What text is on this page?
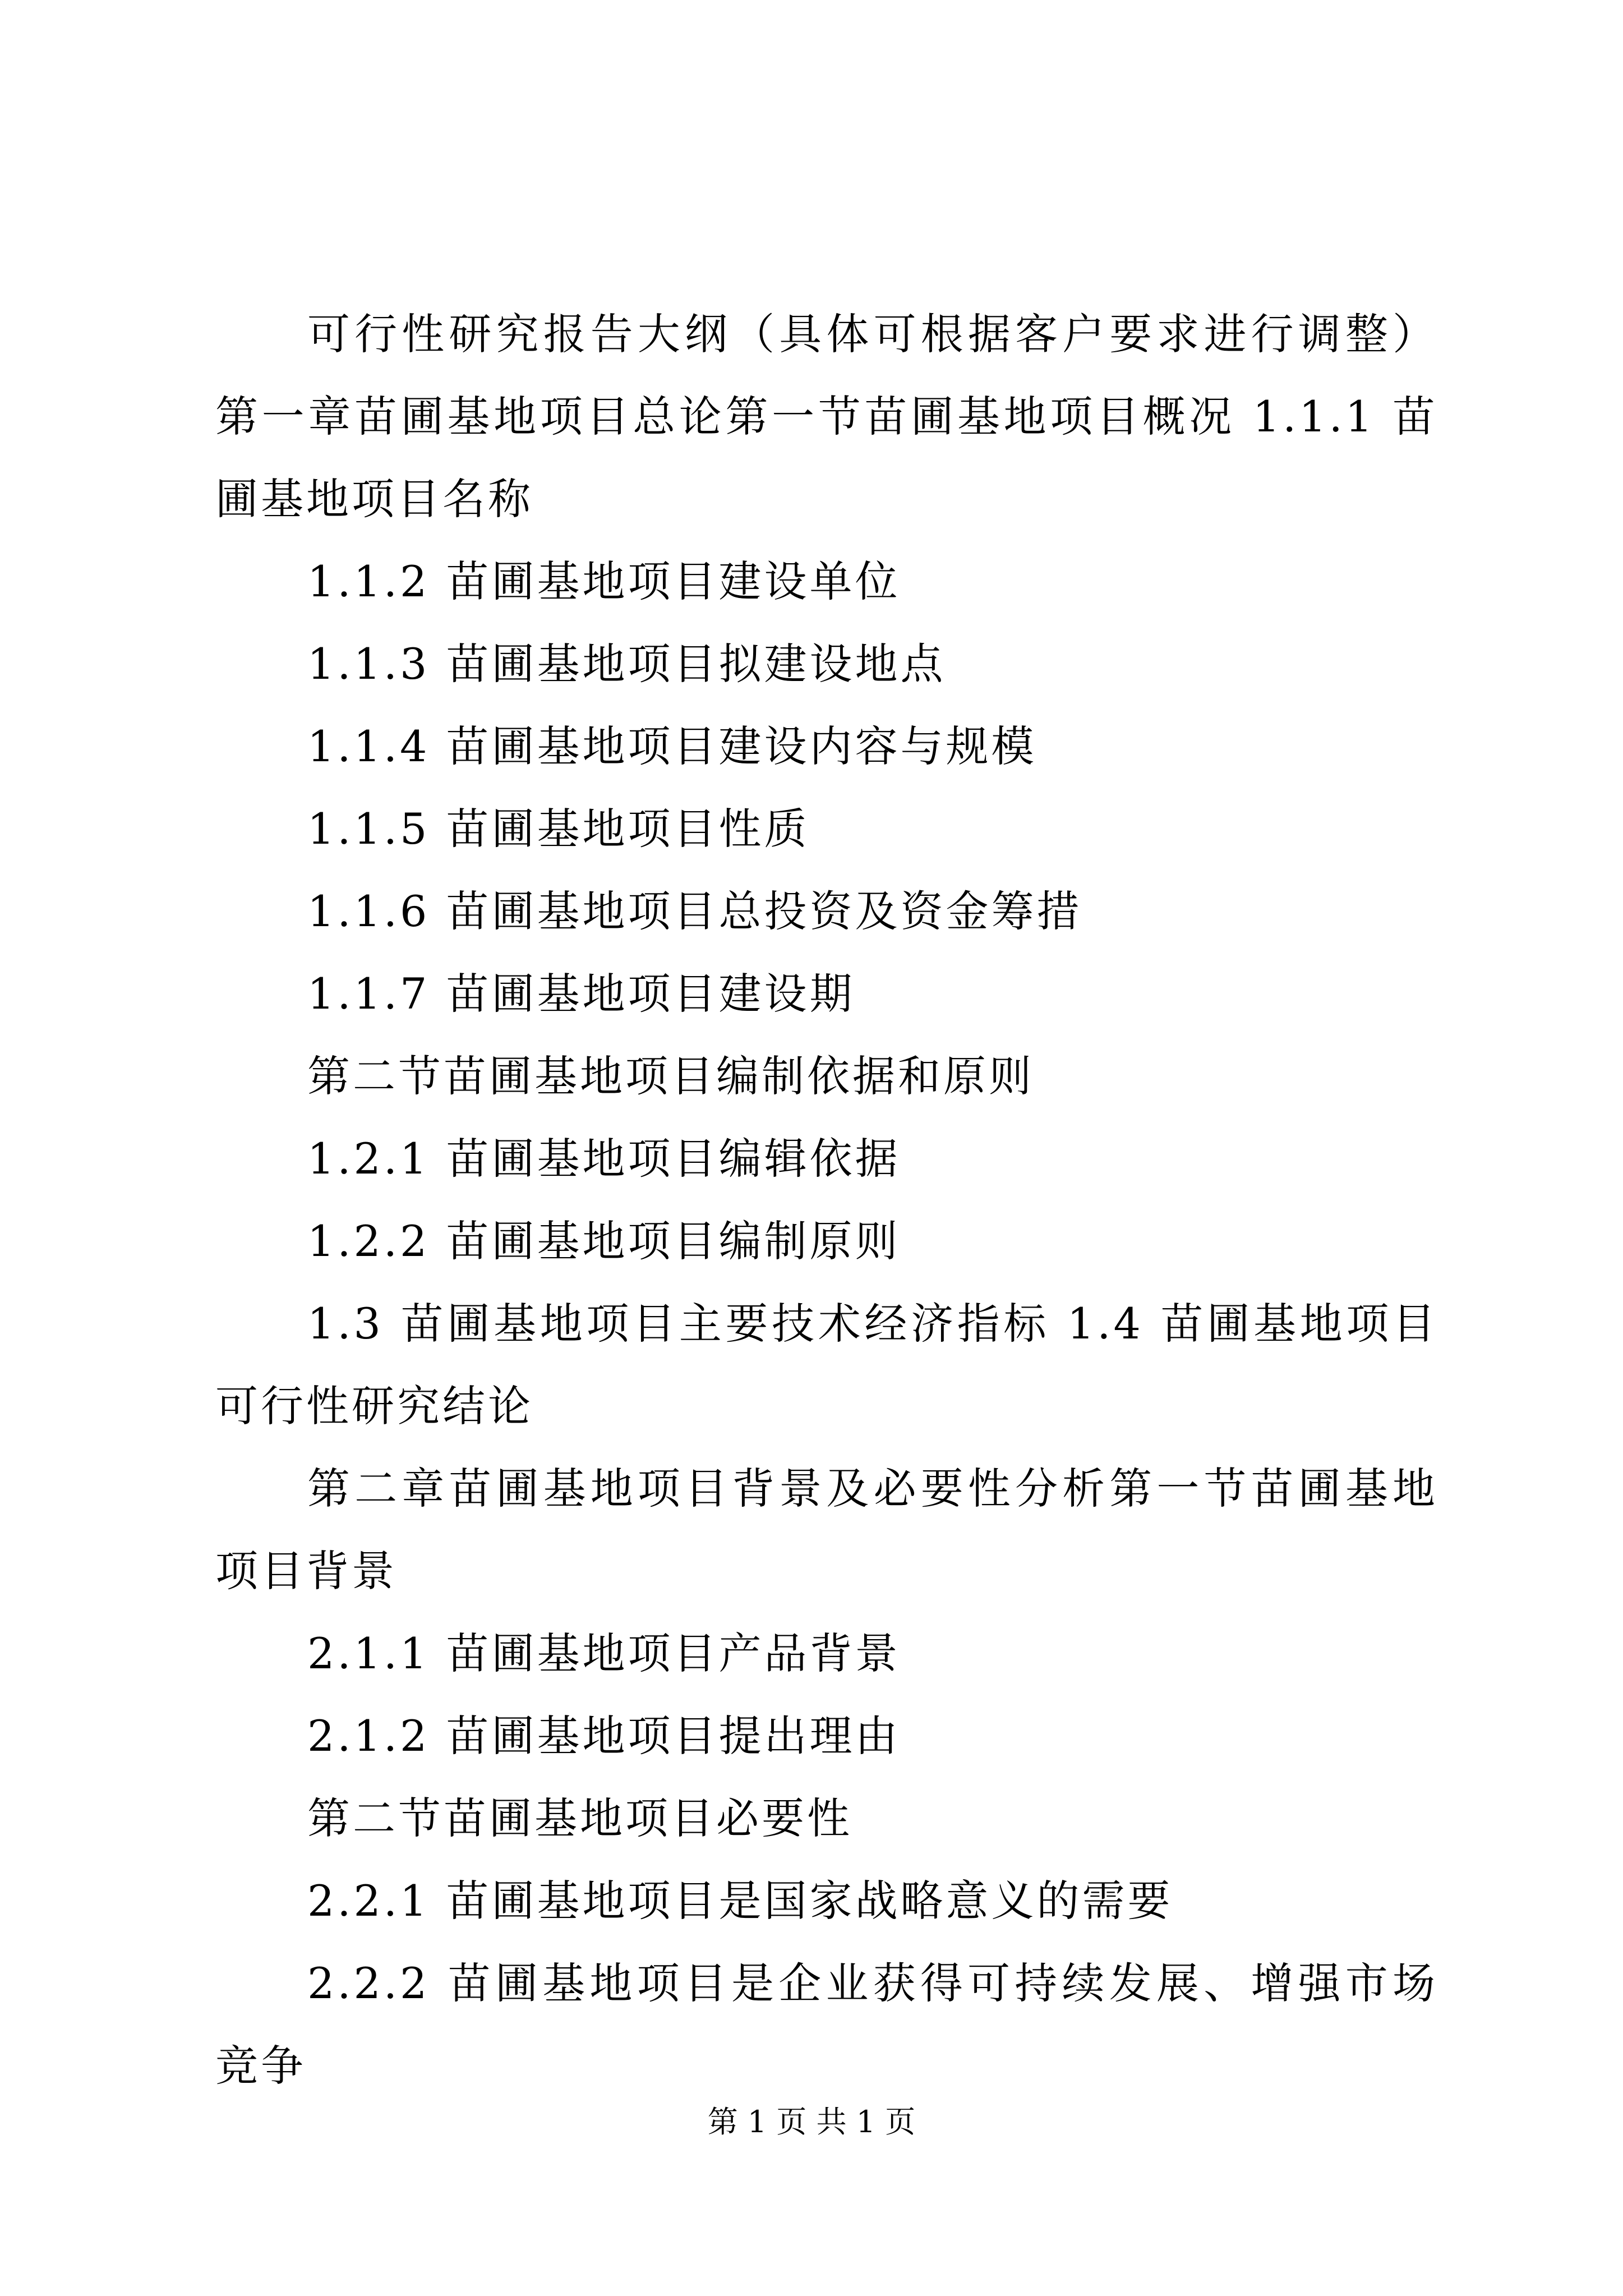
可行性研究报告大纲（具体可根据客户要求进行调整）第一章苗圃基地项目总论第一节苗圃基地项目概况 1.1.1 苗圃基地项目名称

1.1.2 苗圃基地项目建设单位

1.1.3 苗圃基地项目拟建设地点

1.1.4 苗圃基地项目建设内容与规模

1.1.5 苗圃基地项目性质

1.1.6 苗圃基地项目总投资及资金筹措

1.1.7 苗圃基地项目建设期

第二节苗圃基地项目编制依据和原则

1.2.1 苗圃基地项目编辑依据

1.2.2 苗圃基地项目编制原则

1.3 苗圃基地项目主要技术经济指标 1.4 苗圃基地项目可行性研究结论

第二章苗圃基地项目背景及必要性分析第一节苗圃基地项目背景

2.1.1 苗圃基地项目产品背景

2.1.2 苗圃基地项目提出理由

第二节苗圃基地项目必要性

2.2.1 苗圃基地项目是国家战略意义的需要

2.2.2 苗圃基地项目是企业获得可持续发展、增强市场竞争

第 1 页 共 1 页
